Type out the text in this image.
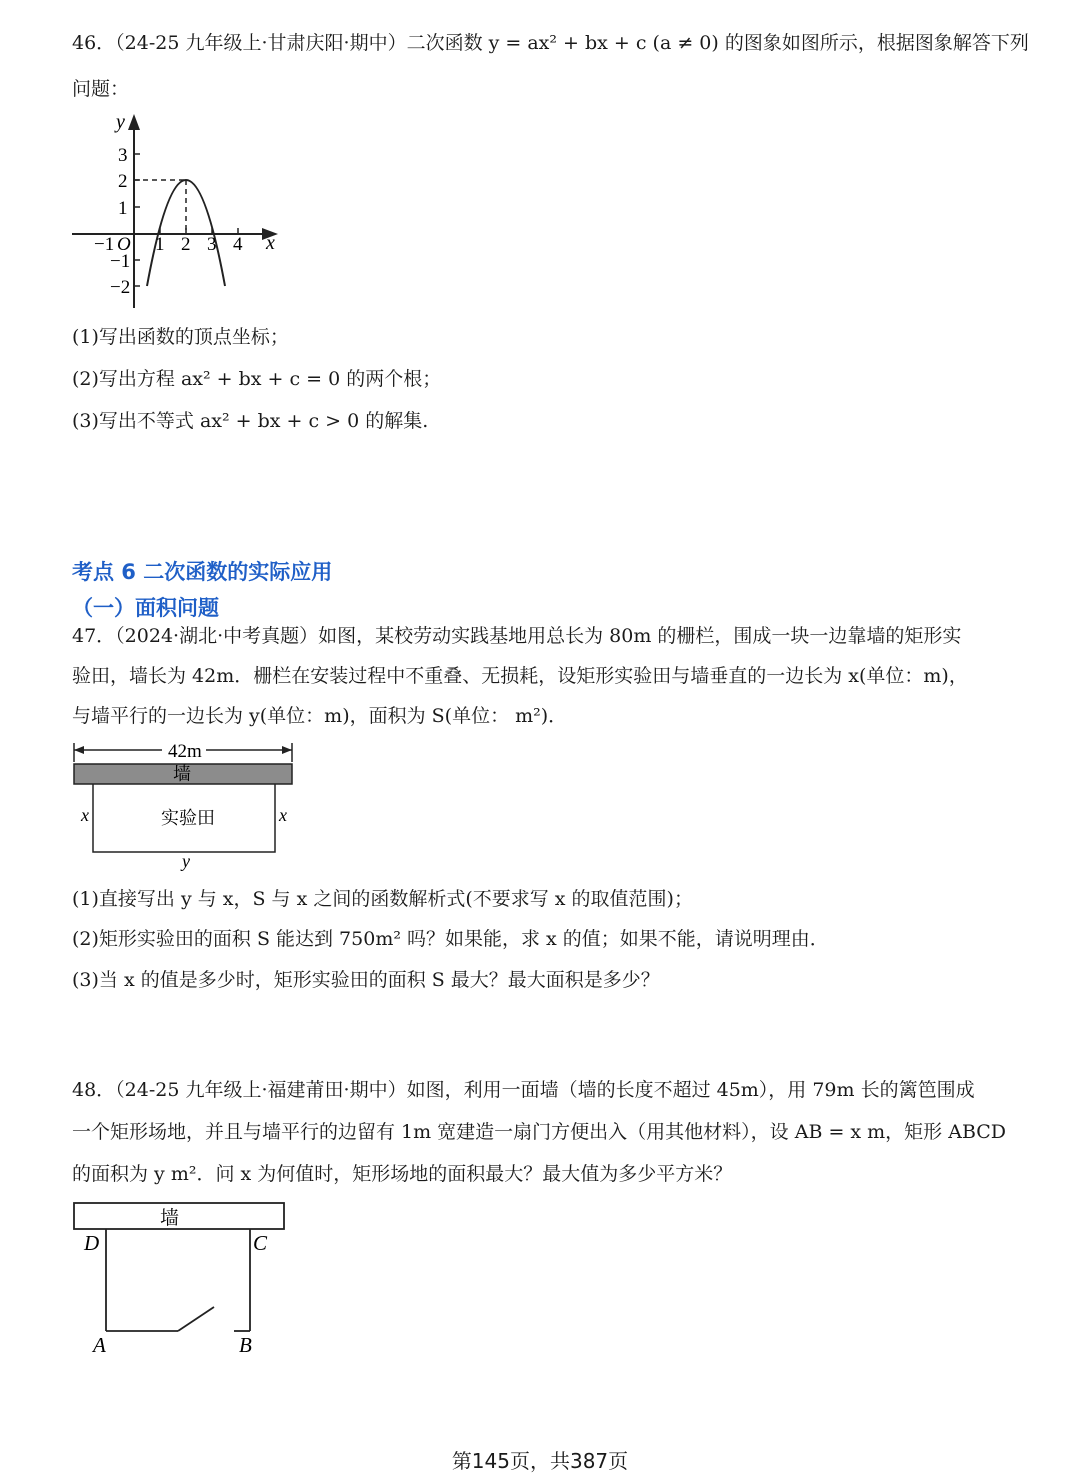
46．（24-25 九年级上·甘肃庆阳·期中）二次函数 y = ax² + bx + c (a ≠ 0) 的图象如图所示，根据图象解答下列
问题：
y
x
O
3
2
1
−1
−2
−1 1 2 3 4
(1)写出函数的顶点坐标；
(2)写出方程 ax² + bx + c = 0 的两个根；
(3)写出不等式 ax² + bx + c > 0 的解集.
考点 6 二次函数的实际应用
（一）面积问题
47．（2024·湖北·中考真题）如图，某校劳动实践基地用总长为 80m 的栅栏，围成一块一边靠墙的矩形实
验田，墙长为 42m．栅栏在安装过程中不重叠、无损耗，设矩形实验田与墙垂直的一边长为 x(单位：m)，
与墙平行的一边长为 y(单位：m)，面积为 S(单位： m²)．
42m
墙
实验田
x	x
y
(1)直接写出 y 与 x，S 与 x 之间的函数解析式(不要求写 x 的取值范围)；
(2)矩形实验田的面积 S 能达到 750m² 吗？如果能，求 x 的值；如果不能，请说明理由．
(3)当 x 的值是多少时，矩形实验田的面积 S 最大？最大面积是多少？
48．（24-25 九年级上·福建莆田·期中）如图，利用一面墙（墙的长度不超过 45m），用 79m 长的篱笆围成
一个矩形场地，并且与墙平行的边留有 1m 宽建造一扇门方便出入（用其他材料），设 AB = x m，矩形 ABCD
的面积为 y m²．问 x 为何值时，矩形场地的面积最大？最大值为多少平方米？
墙
D	C
A	B
第145页，共387页
